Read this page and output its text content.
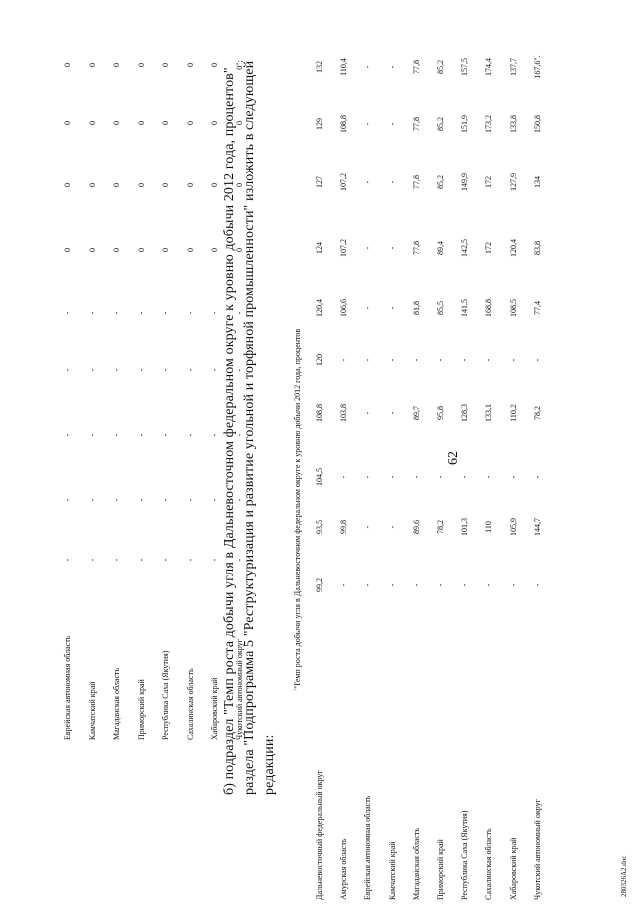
Еврейская автономная область
-
-
-
-
-
0
0
0
0
Камчатский край
-
-
-
-
-
0
0
0
0
Магаданская область
-
-
-
-
-
0
0
0
0
Приморский край
-
-
-
-
-
0
0
0
0
Республика Саха (Якутия)
-
-
-
-
-
0
0
0
0
Сахалинская область
-
-
-
-
-
0
0
0
0
Хабаровский край
-
-
-
-
-
0
0
0
0
Чукотский автономный округ
-
-
-
-
-
0
0
0
0";
62
б) подраздел "Темп роста добычи угля в Дальневосточном федеральном округе к уровню добычи 2012 года, процентов" раздела "Подпрограмма 5 "Реструктуризация и развитие угольной и торфяной промышленности" изложить в следующей редакции:
"Темп роста добычи угля в Дальневосточном федеральном округе к уровню добычи 2012 года, процентов
Дальневосточный федеральный округ
99,2
93,5
104,5
108,8
120
120,4
124
127
129
132
Амурская область
-
99,8
-
103,8
-
106,6
107,2
107,2
108,8
110,4
Еврейская автономная область
-
-
-
-
-
-
-
-
-
-
Камчатский край
-
-
-
-
-
-
-
-
-
-
Магаданская область
-
89,6
-
89,7
-
81,8
77,8
77,8
77,8
77,8
Приморский край
-
78,2
-
95,8
-
85,5
89,4
85,2
85,2
85,2
Республика Саха (Якутия)
-
101,3
-
128,3
-
141,5
142,5
149,9
151,9
157,5
Сахалинская область
-
110
-
133,1
-
168,8
172
172
173,2
174,4
Хабаровский край
-
105,9
-
110,2
-
108,5
120,4
127,9
133,8
137,7
Чукотский автономный округ
-
144,7
-
78,2
-
77,4
83,8
134
150,8
167,6".
280326A2.doc
